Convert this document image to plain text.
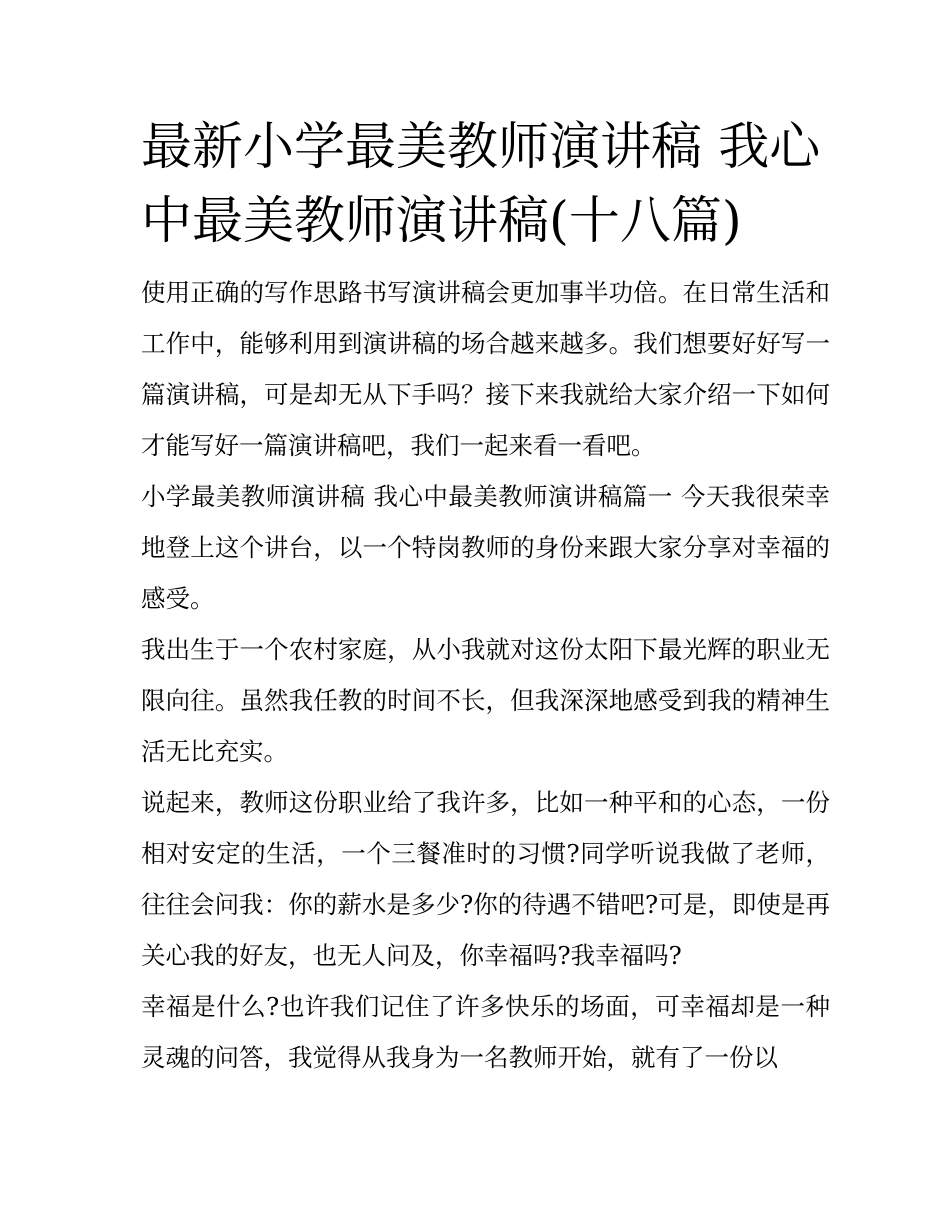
最新小学最美教师演讲稿 我心中最美教师演讲稿(十八篇)

使用正确的写作思路书写演讲稿会更加事半功倍。在日常生活和工作中，能够利用到演讲稿的场合越来越多。我们想要好好写一篇演讲稿，可是却无从下手吗？接下来我就给大家介绍一下如何才能写好一篇演讲稿吧，我们一起来看一看吧。

小学最美教师演讲稿 我心中最美教师演讲稿篇一 今天我很荣幸地登上这个讲台，以一个特岗教师的身份来跟大家分享对幸福的感受。

我出生于一个农村家庭，从小我就对这份太阳下最光辉的职业无限向往。虽然我任教的时间不长，但我深深地感受到我的精神生活无比充实。

说起来，教师这份职业给了我许多，比如一种平和的心态，一份相对安定的生活，一个三餐准时的习惯?同学听说我做了老师，往往会问我：你的薪水是多少?你的待遇不错吧?可是，即使是再关心我的好友，也无人问及，你幸福吗?我幸福吗?

幸福是什么?也许我们记住了许多快乐的场面，可幸福却是一种灵魂的问答，我觉得从我身为一名教师开始，就有了一份以
